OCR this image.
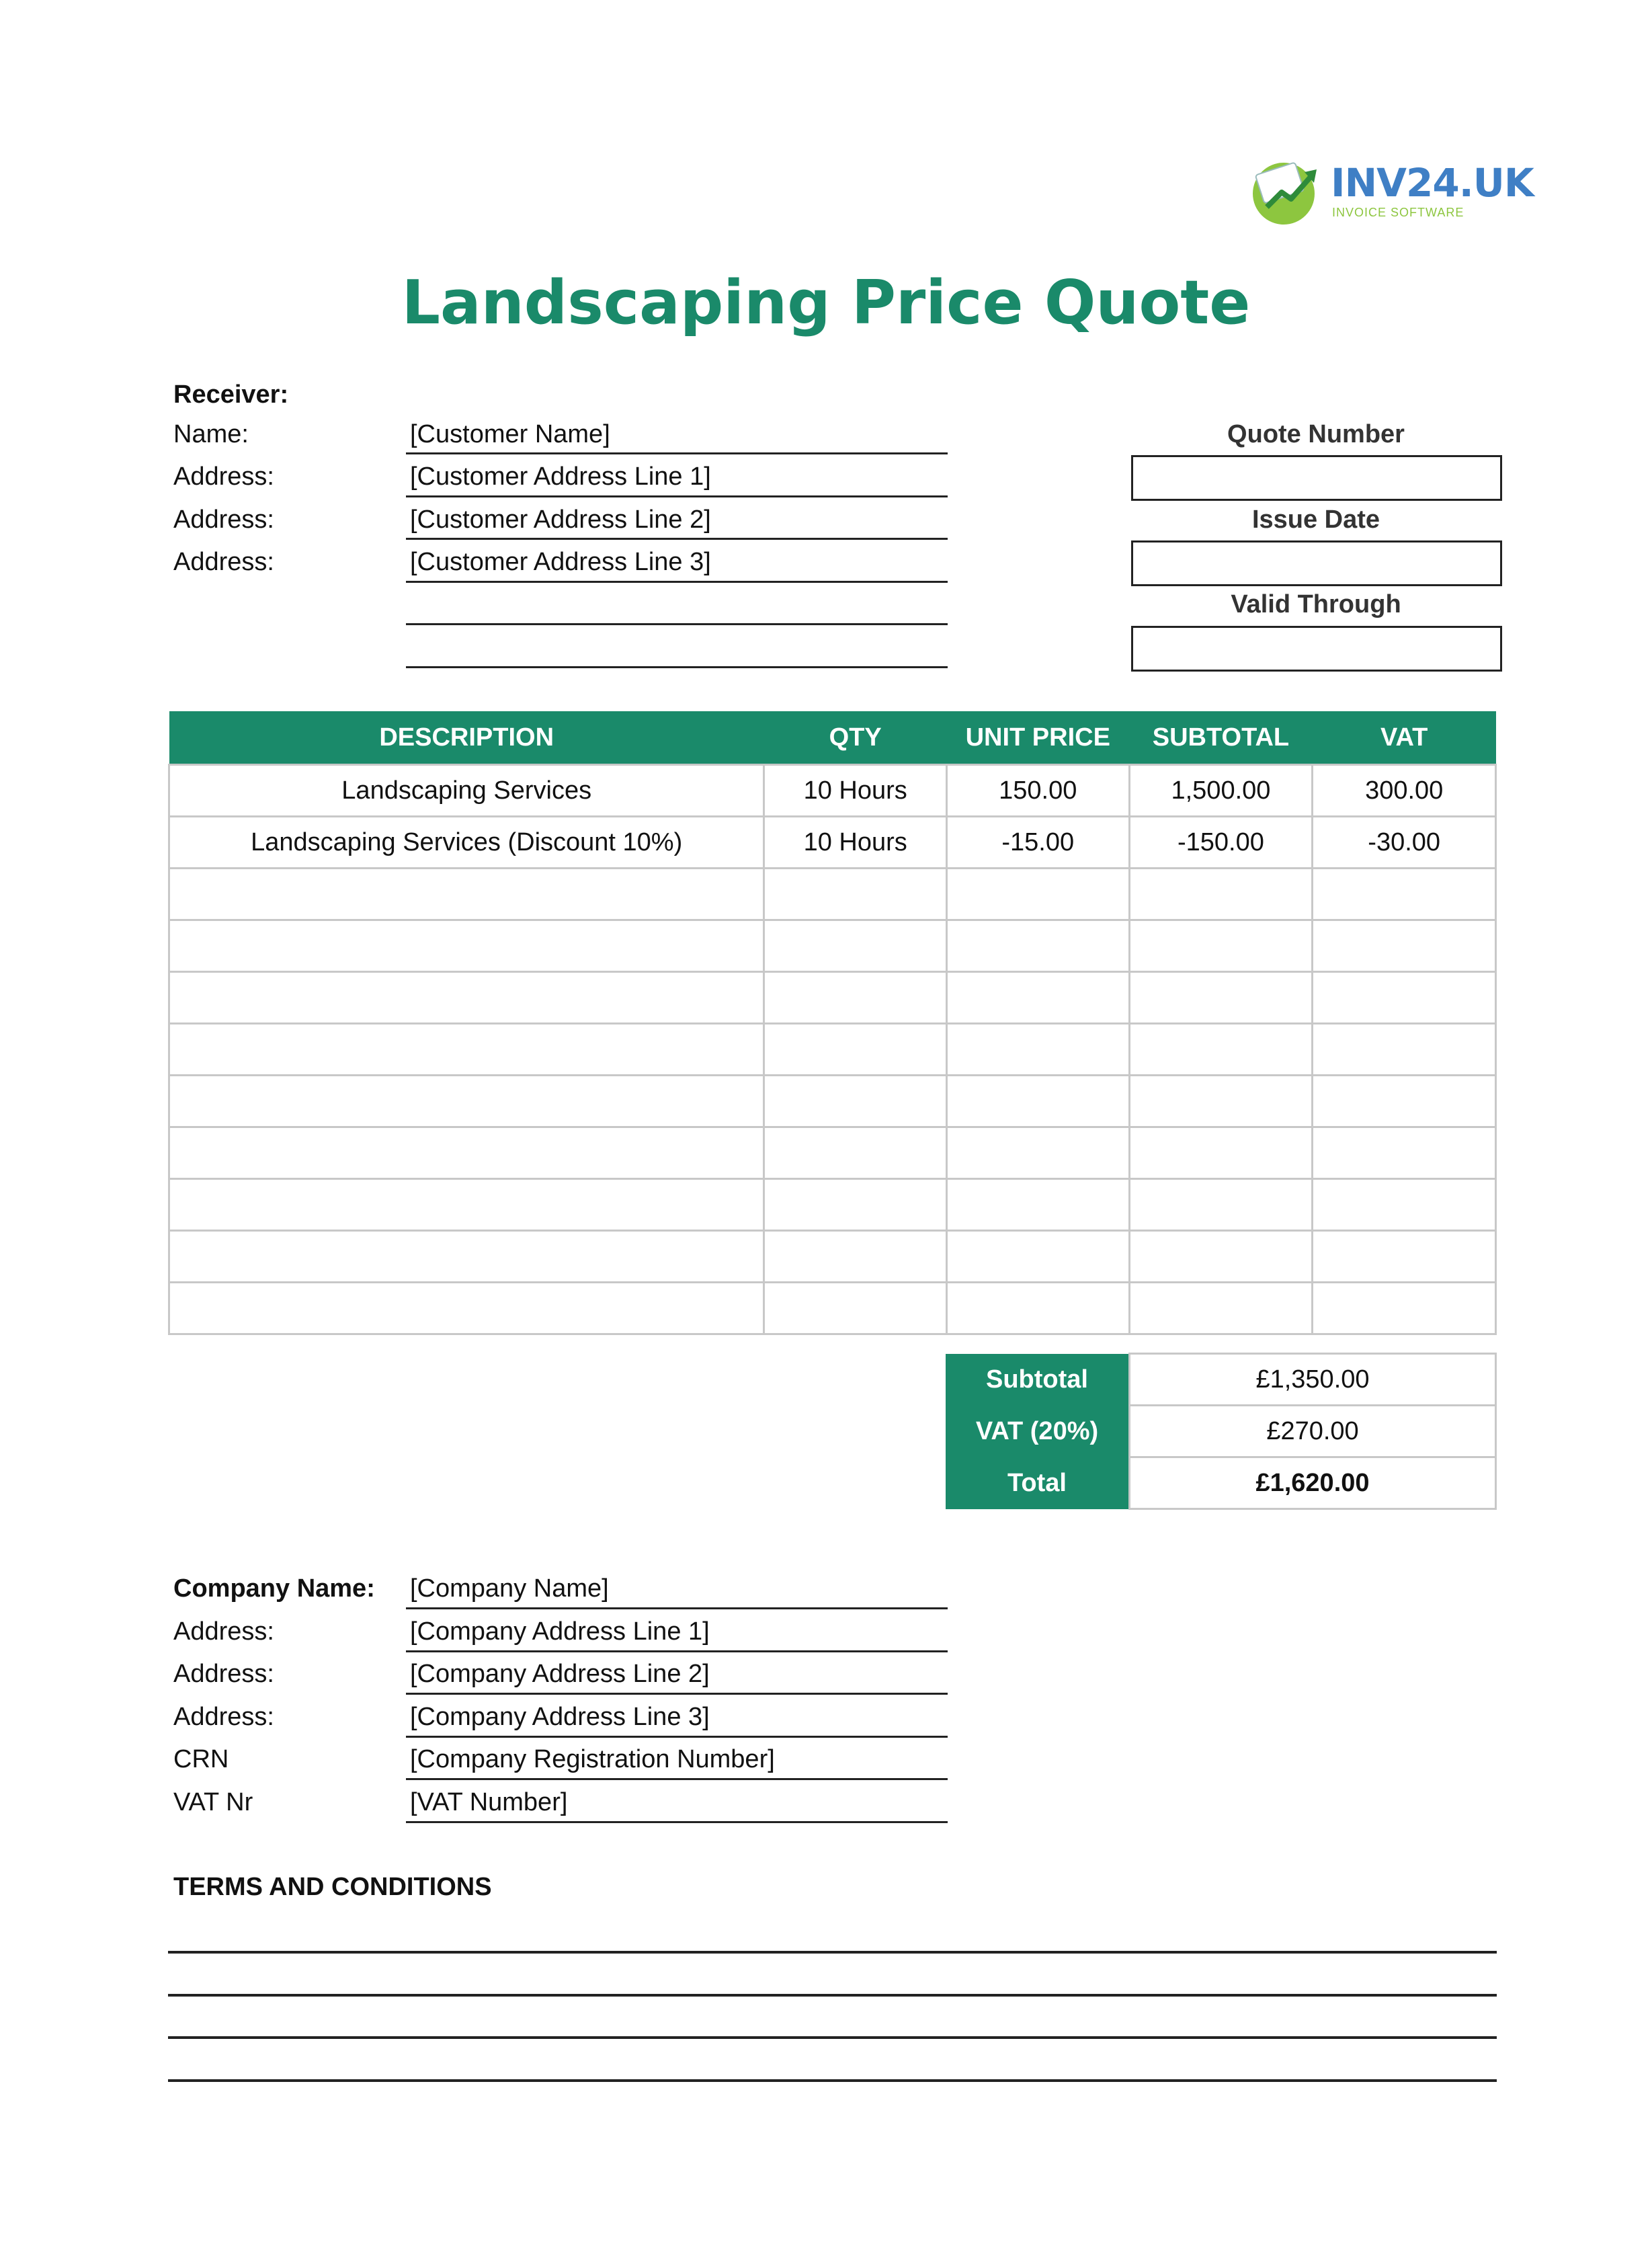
INV24.UK
INVOICE SOFTWARE
Landscaping Price Quote
Receiver:
Name:	[Customer Name]
Address:	[Customer Address Line 1]
Address:	[Customer Address Line 2]
Address:	[Customer Address Line 3]
Quote Number
Issue Date
Valid Through
DESCRIPTION	QTY	UNIT PRICE	SUBTOTAL	VAT
Landscaping Services	10 Hours	150.00	1,500.00	300.00
Landscaping Services (Discount 10%)	10 Hours	-15.00	-150.00	-30.00

Subtotal	£1,350.00
VAT (20%)	£270.00
Total	£1,620.00
Company Name: [Company Name]
Address:	[Company Address Line 1]
Address:	[Company Address Line 2]
Address:	[Company Address Line 3]
CRN	[Company Registration Number]
VAT Nr	[VAT Number]
TERMS AND CONDITIONS
